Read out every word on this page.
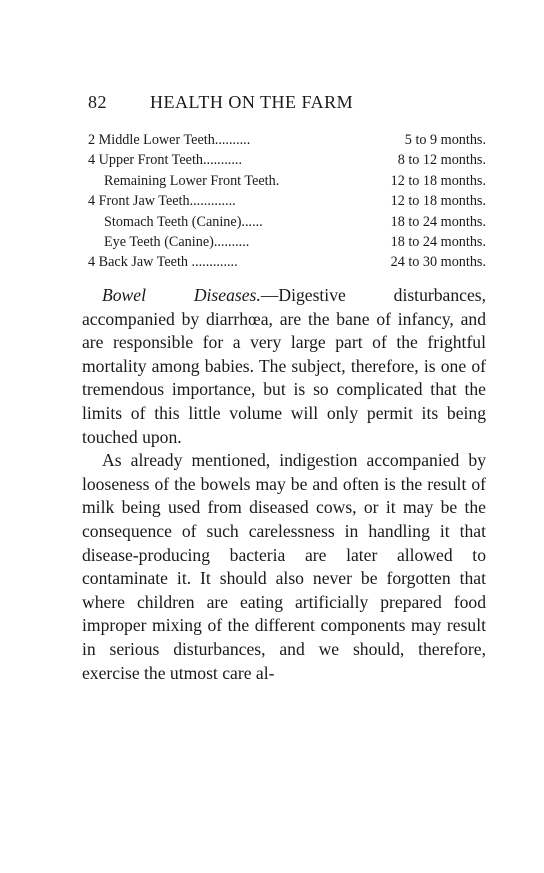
82 HEALTH ON THE FARM
2 Middle Lower Teeth..........	5 to 9 months.
4 Upper Front Teeth...........	8 to 12 months.
Remaining Lower Front Teeth.	12 to 18 months.
4 Front Jaw Teeth.............	12 to 18 months.
Stomach Teeth (Canine)......	18 to 24 months.
Eye Teeth (Canine)..........	18 to 24 months.
4 Back Jaw Teeth .............	24 to 30 months.

Bowel Diseases.—Digestive disturbances, accompanied by diarrhœa, are the bane of infancy, and are responsible for a very large part of the frightful mortality among babies. The subject, therefore, is one of tremendous importance, but is so complicated that the limits of this little volume will only permit its being touched upon.

As already mentioned, indigestion accompanied by looseness of the bowels may be and often is the result of milk being used from diseased cows, or it may be the consequence of such carelessness in handling it that disease-producing bacteria are later allowed to contaminate it. It should also never be forgotten that where children are eating artificially prepared food improper mixing of the different components may result in serious disturbances, and we should, therefore, exercise the utmost care al-
